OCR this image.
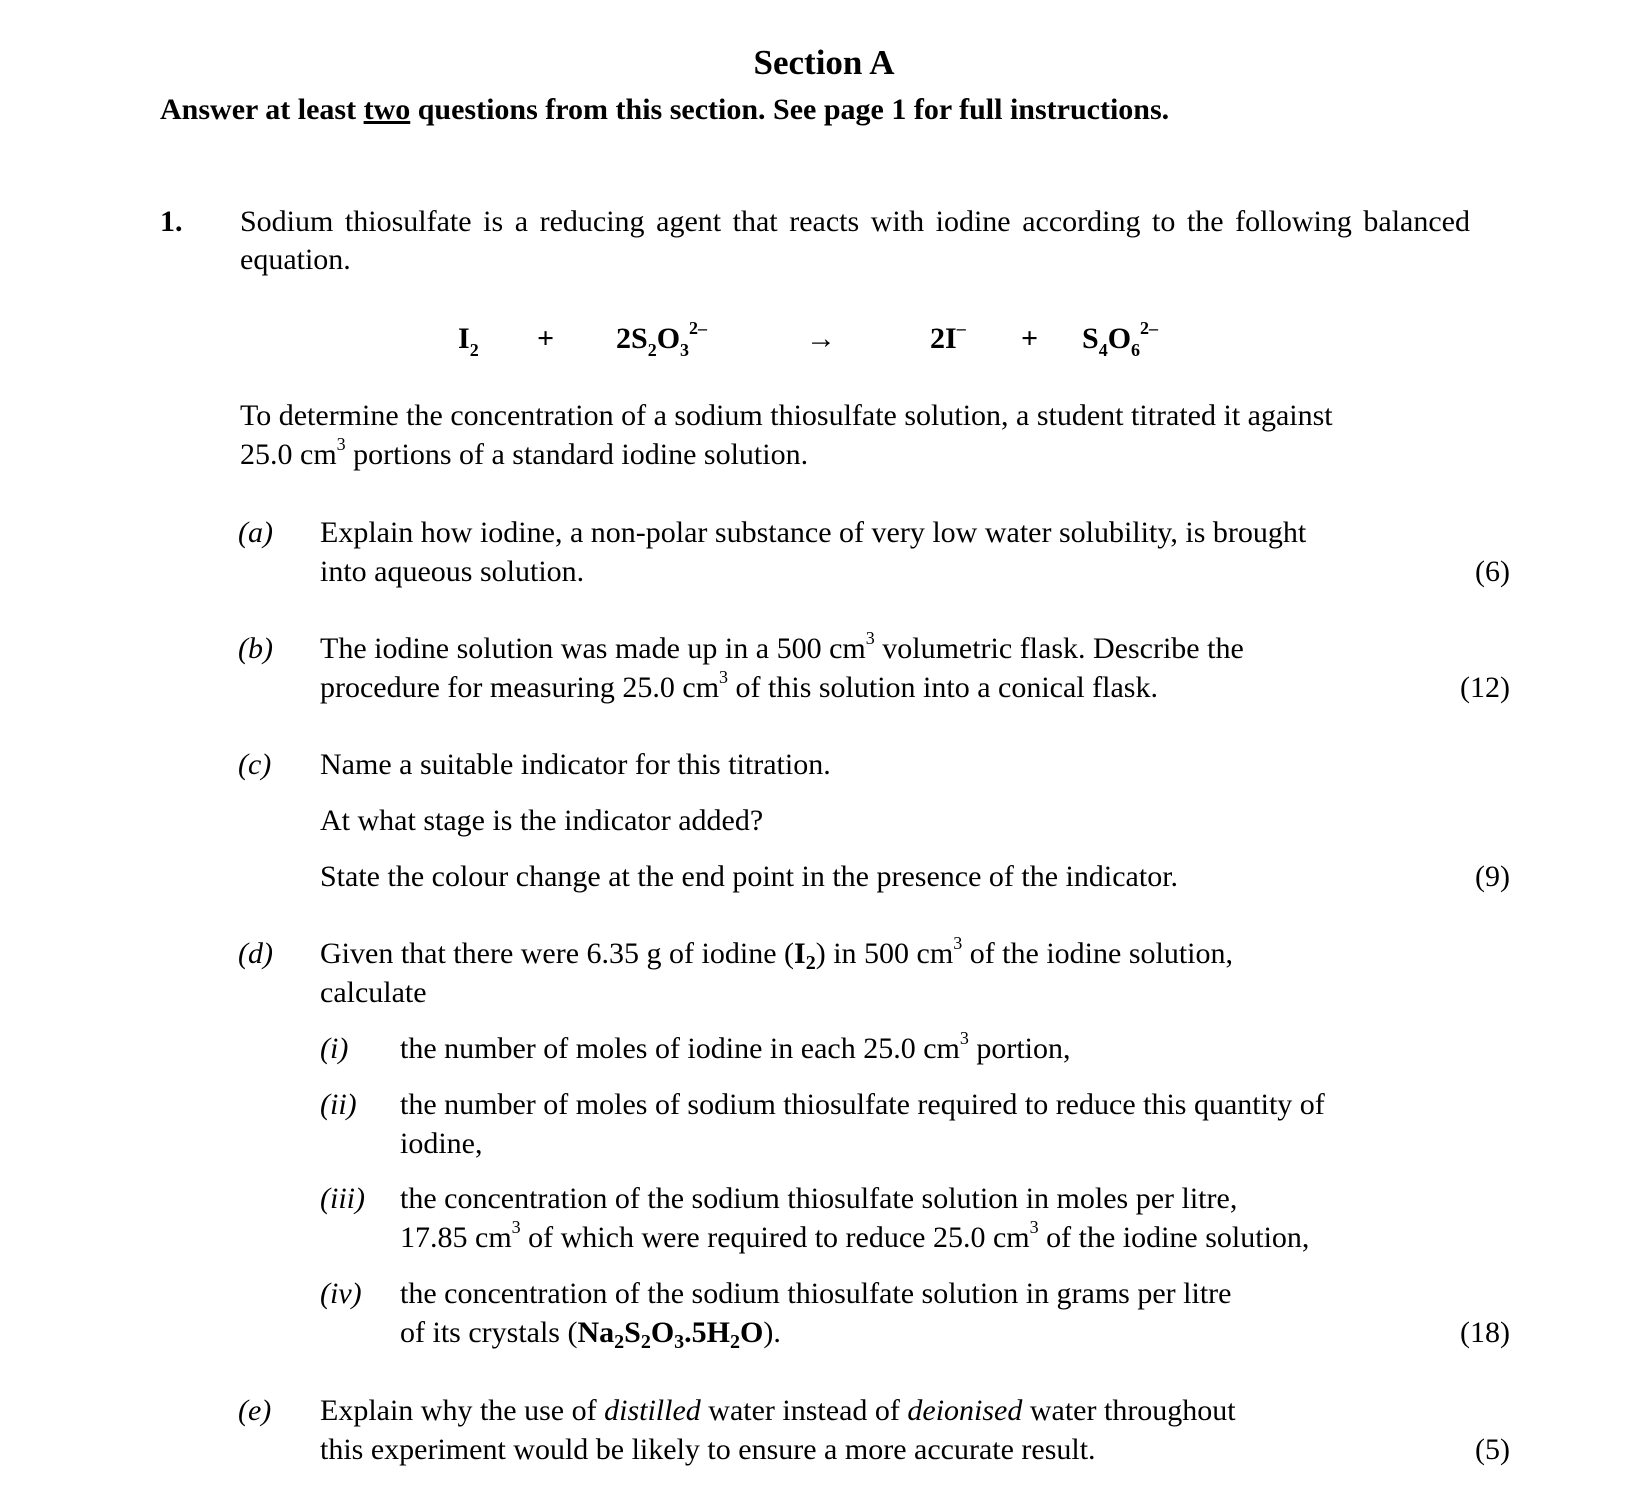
Section A
Answer at least two questions from this section. See page 1 for full instructions.
1. Sodium thiosulfate is a reducing agent that reacts with iodine according to the following balanced equation.
$I_2 + 2S_2O_3^{2-}$	→	$2I^- + S_4O_6^{2-}$
To determine the concentration of a sodium thiosulfate solution, a student titrated it against
25.0 $cm^3$ portions of a standard iodine solution.
(a) Explain how iodine, a non-polar substance of very low water solubility, is brought
into aqueous solution.	(6)
(b) The iodine solution was made up in a 500 $cm^3$ volumetric flask. Describe the
procedure for measuring 25.0 $cm^3$ of this solution into a conical flask.	(12)
(c) Name a suitable indicator for this titration.
At what stage is the indicator added?
State the colour change at the end point in the presence of the indicator.	(9)
(d) Given that there were 6.35 g of iodine $(I_2)$ in 500 $cm^3$ of the iodine solution,
calculate
(i) the number of moles of iodine in each 25.0 $cm^3$ portion,
(ii) the number of moles of sodium thiosulfate required to reduce this quantity of
iodine,
(iii) the concentration of the sodium thiosulfate solution in moles per litre,
17.85 $cm^3$ of which were required to reduce 25.0 $cm^3$ of the iodine solution,
(iv) the concentration of the sodium thiosulfate solution in grams per litre
of its crystals $(Na_2S_2O_3.5H_2O)$.	(18)
(e) Explain why the use of distilled water instead of deionised water throughout
this experiment would be likely to ensure a more accurate result.	(5)
